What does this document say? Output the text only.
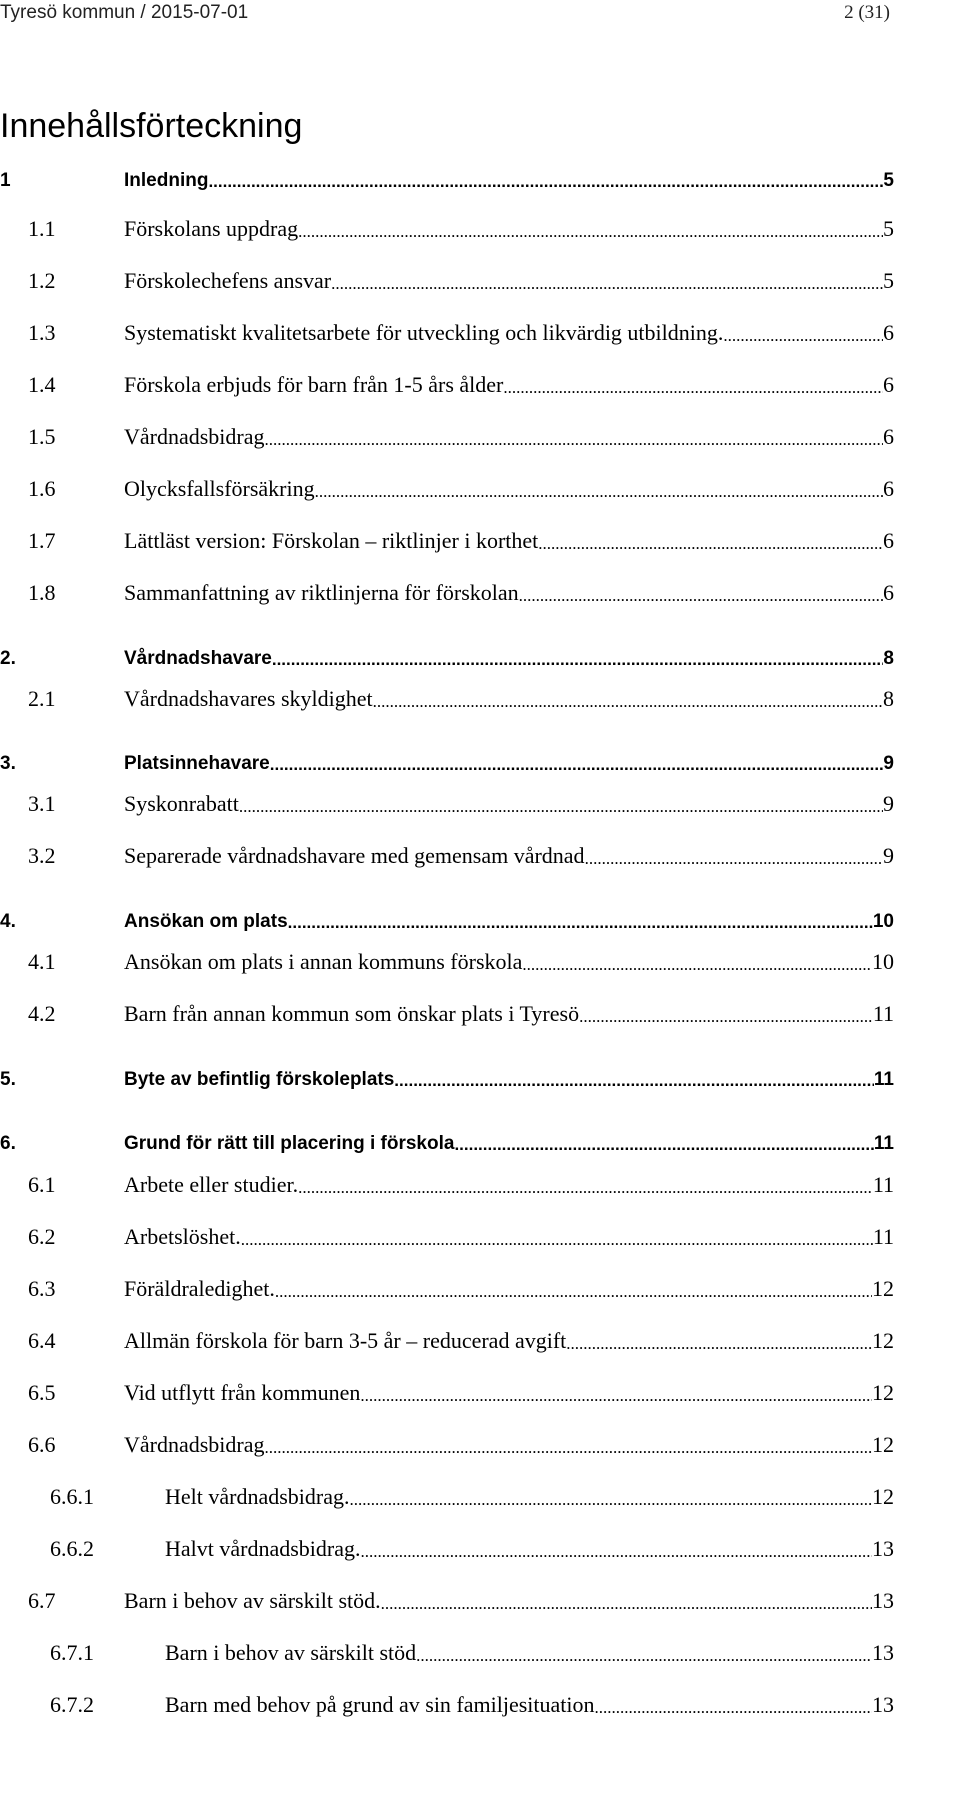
Tyresö kommun / 2015-07-01	2 (31)
Innehållsförteckning
1	Inledning .....	5
1.1	Förskolans uppdrag .....	5
1.2	Förskolechefens ansvar .....	5
1.3	Systematiskt kvalitetsarbete för utveckling och likvärdig utbildning. .....	6
1.4	Förskola erbjuds för barn från 1-5 års ålder .....	6
1.5	Vårdnadsbidrag .....	6
1.6	Olycksfallsförsäkring .....	6
1.7	Lättläst version: Förskolan – riktlinjer i korthet .....	6
1.8	Sammanfattning av riktlinjerna för förskolan .....	6
2.	Vårdnadshavare .....	8
2.1	Vårdnadshavares skyldighet .....	8
3.	Platsinnehavare .....	9
3.1	Syskonrabatt .....	9
3.2	Separerade vårdnadshavare med gemensam vårdnad .....	9
4.	Ansökan om plats .....	10
4.1	Ansökan om plats i annan kommuns förskola .....	10
4.2	Barn från annan kommun som önskar plats i Tyresö .....	11
5.	Byte av befintlig förskoleplats .....	11
6.	Grund för rätt till placering i förskola .....	11
6.1	Arbete eller studier. .....	11
6.2	Arbetslöshet. .....	11
6.3	Föräldraledighet. .....	12
6.4	Allmän förskola för barn 3-5 år – reducerad avgift .....	12
6.5	Vid utflytt från kommunen .....	12
6.6	Vårdnadsbidrag .....	12
6.6.1	Helt vårdnadsbidrag. .....	12
6.6.2	Halvt vårdnadsbidrag. .....	13
6.7	Barn i behov av särskilt stöd. .....	13
6.7.1	Barn i behov av särskilt stöd .....	13
6.7.2	Barn med behov på grund av sin familjesituation .....	13
